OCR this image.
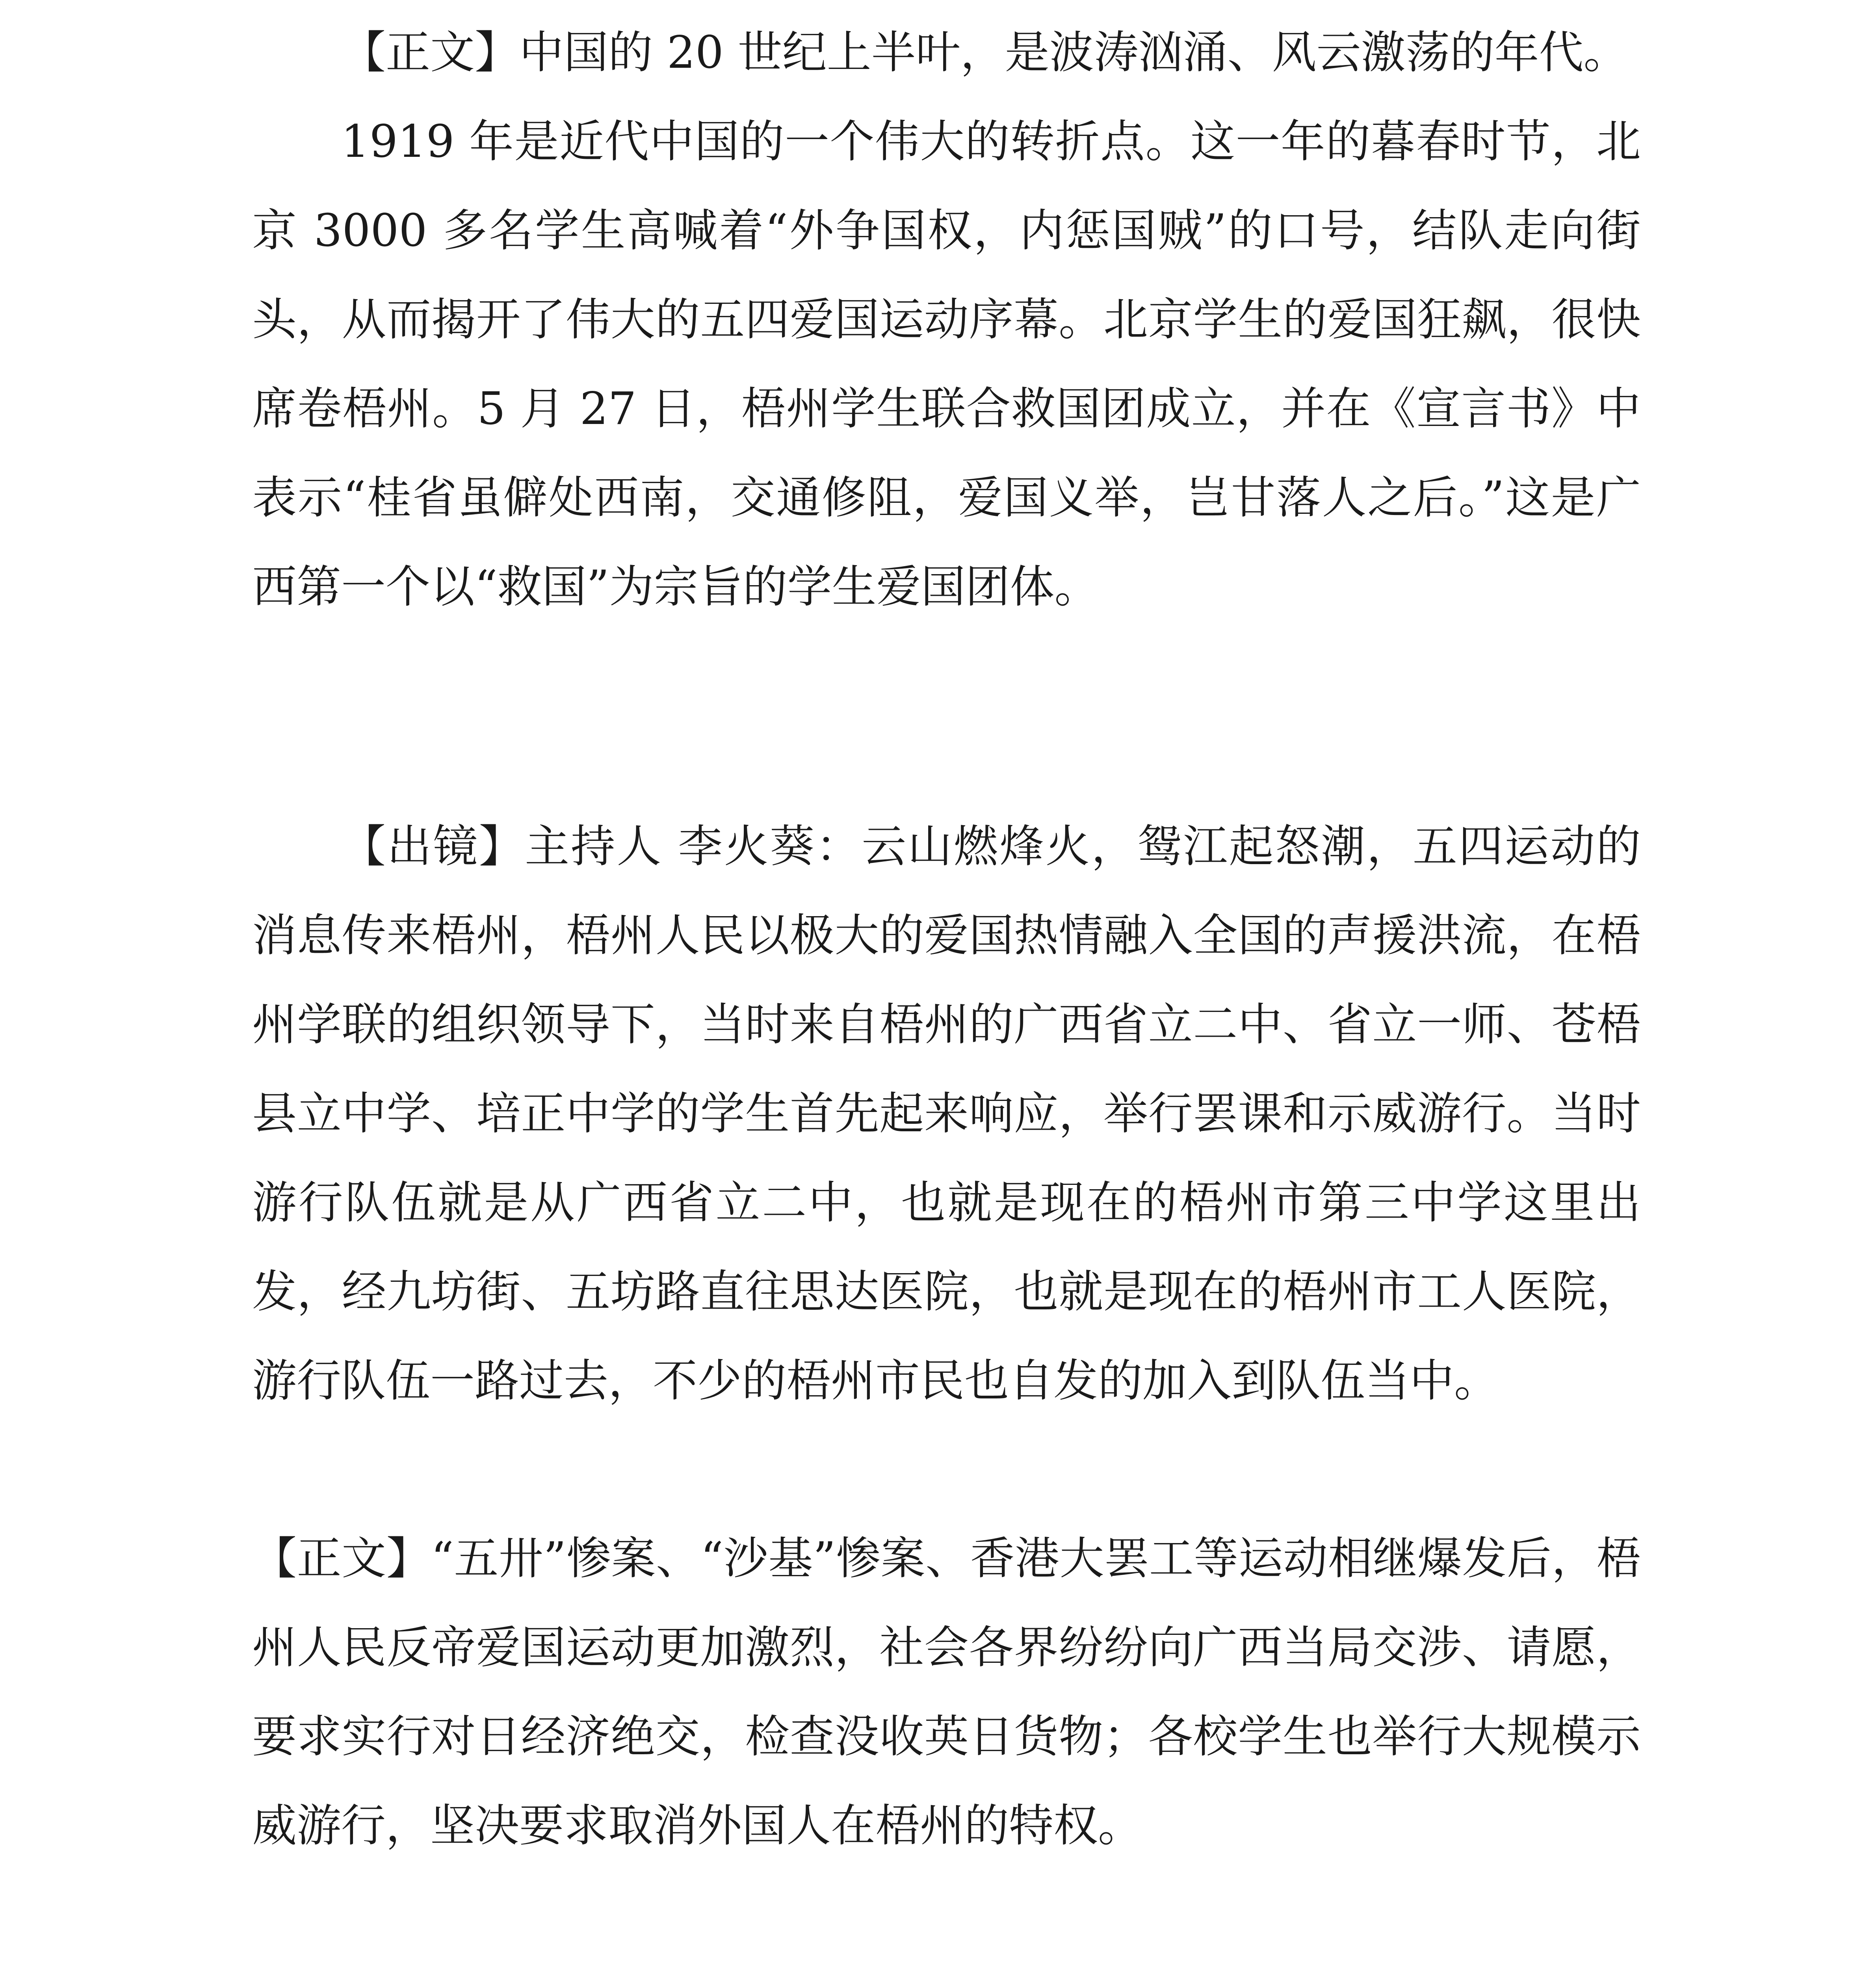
【正文】中国的 20 世纪上半叶，是波涛汹涌、风云激荡的年代。

1919 年是近代中国的一个伟大的转折点。这一年的暮春时节，北京 3000 多名学生高喊着“外争国权，内惩国贼”的口号，结队走向街头，从而揭开了伟大的五四爱国运动序幕。北京学生的爱国狂飙，很快席卷梧州。5 月 27 日，梧州学生联合救国团成立，并在《宣言书》中表示“桂省虽僻处西南，交通修阻，爱国义举，岂甘落人之后。”这是广西第一个以“救国”为宗旨的学生爱国团体。

【出镜】主持人 李火葵：云山燃烽火，鸳江起怒潮，五四运动的消息传来梧州，梧州人民以极大的爱国热情融入全国的声援洪流，在梧州学联的组织领导下，当时来自梧州的广西省立二中、省立一师、苍梧县立中学、培正中学的学生首先起来响应，举行罢课和示威游行。当时游行队伍就是从广西省立二中，也就是现在的梧州市第三中学这里出发，经九坊街、五坊路直往思达医院，也就是现在的梧州市工人医院，游行队伍一路过去，不少的梧州市民也自发的加入到队伍当中。

【正文】“五卅”惨案、“沙基”惨案、香港大罢工等运动相继爆发后，梧州人民反帝爱国运动更加激烈，社会各界纷纷向广西当局交涉、请愿，要求实行对日经济绝交，检查没收英日货物；各校学生也举行大规模示威游行，坚决要求取消外国人在梧州的特权。
